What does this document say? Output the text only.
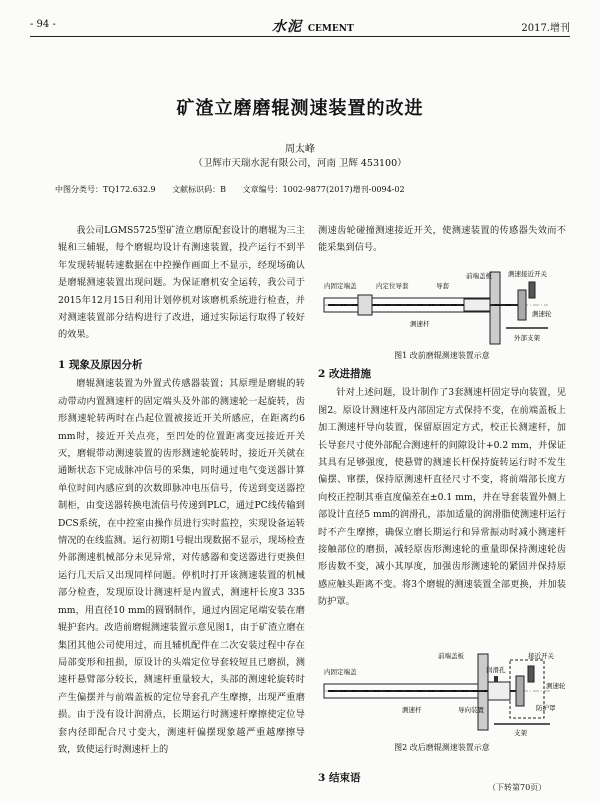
- 94 -	水泥 CEMENT	2017.增刊
矿渣立磨磨辊测速装置的改进
周太峰
（卫辉市天瑞水泥有限公司，河南 卫辉 453100）
中图分类号：TQ172.632.9 文献标识码：B 文章编号：1002-9877(2017)增刊-0094-02

我公司LGMS5725型矿渣立磨原配套设计的磨辊为三主辊和三辅辊，每个磨辊均设计有测速装置，投产运行不到半年发现转辊转速数据在中控操作画面上不显示，经现场确认是磨辊测速装置出现问题。为保证磨机安全运转，我公司于2015年12月15日利用计划停机对该磨机系统进行检查，并对测速装置部分结构进行了改进，通过实际运行取得了较好的效果。

1 现象及原因分析

磨辊测速装置为外置式传感器装置；其原理是磨辊的转动带动内置测速杆的固定端头及外部的测速轮一起旋转，齿形测速轮转两时在凸起位置被接近开关所感应，在距离约6 mm时，接近开关点亮，至凹处的位置距离变远接近开关灭，磨辊带动测速装置的齿形测速轮旋转时，接近开关就在通断状态下完成脉冲信号的采集，同时通过电气变送器计算单位时间内感应到的次数即脉冲电压信号，传送到变送器控制柜，由变送器转换电流信号传递到PLC，通过PC线传输到DCS系统，在中控室由操作员进行实时监控，实现设备运转情况的在线监测。运行初期1号辊出现数据不显示，现场检查外部测速机械部分未见异常，对传感器和变送器进行更换但运行几天后又出现同样问题。停机时打开该测速装置的机械部分检查，发现原设计测速杆是内置式，测速杆长度3 335 mm，用直径10 mm的圆钢制作，通过内固定尾端安装在磨辊护套内。改造前磨辊测速装置示意见图1，由于矿渣立磨在集团其他公司使用过，而且辅机配件在二次安装过程中存在局部变形和扭损，原设计的头端定位导套较短且已磨损，测速杆悬臂部分较长，测速杆重量较大，头部的测速轮旋转时产生偏摆并与前端盖板的定位导套孔产生摩擦，出现严重磨损。由于没有设计润滑点，长期运行时测速杆摩擦使定位导套内径即配合尺寸变大，测速杆偏摆现象越严重越摩擦导致，致使运行时测速杆上的

测速齿轮碰撞测速接近开关，使测速装置的传感器失效而不能采集到信号。

内固定端盖	内定位导套	导套
前端盖板 测速接近开关
测速轮
测速杆
外部支架
图1 改前磨辊测速装置示意
2 改进措施

针对上述问题，设计制作了3套测速杆固定导向装置，见图2。原设计测速杆及内部固定方式保持不变，在前端盖板上加工测速杆导向装置，保留原固定方式，校正长测速杆，加长导套尺寸使外部配合测速杆的间隙设计+0.2 mm，并保证其具有足够强度，使悬臂的测速长杆保持旋转运行时不发生偏摆、窜摆，保持原测速杆直径尺寸不变，将前端部长度方向校正控制其垂直度偏差在±0.1 mm，并在导套装置外侧上部设计直径5 mm的润滑孔，添加适量的润滑脂使测速杆运行时不产生摩擦，确保立磨长期运行和异常振动时减小测速杆接触部位的磨损，减轻原齿形测速轮的重量即保持测速轮齿形齿数不变，减小其厚度，加强齿形测速轮的紧固并保持原感应触头距离不变。将3个磨辊的测速装置全部更换，并加装防护罩。

内固定端盖
测速杆
前端盖板
润滑孔
接近开关
测速轮
导向装置	防护罩
支架
图2 改后磨辊测速装置示意
3 结束语
（下转第70页）
